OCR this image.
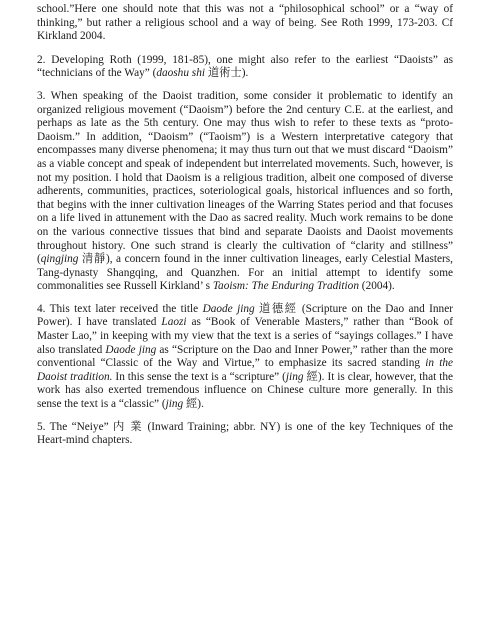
school.”Here one should note that this was not a “philosophical school” or a “way of thinking,” but rather a religious school and a way of being. See Roth 1999, 173-203. Cf Kirkland 2004.

2. Developing Roth (1999, 181-85), one might also refer to the earliest “Daoists” as “technicians of the Way” (daoshu shi 道術士).

3. When speaking of the Daoist tradition, some consider it problematic to identify an organized religious movement (“Daoism”) before the 2nd century C.E. at the earliest, and perhaps as late as the 5th century. One may thus wish to refer to these texts as “proto-Daoism.” In addition, “Daoism” (“Taoism”) is a Western interpretative category that encompasses many diverse phenomena; it may thus turn out that we must discard “Daoism” as a viable concept and speak of independent but interrelated movements. Such, however, is not my position. I hold that Daoism is a religious tradition, albeit one composed of diverse adherents, communities, practices, soteriological goals, historical influences and so forth, that begins with the inner cultivation lineages of the Warring States period and that focuses on a life lived in attunement with the Dao as sacred reality. Much work remains to be done on the various connective tissues that bind and separate Daoists and Daoist movements throughout history. One such strand is clearly the cultivation of “clarity and stillness” (qingjing 清靜), a concern found in the inner cultivation lineages, early Celestial Masters, Tang-dynasty Shangqing, and Quanzhen. For an initial attempt to identify some commonalities see Russell Kirkland’ s Taoism: The Enduring Tradition (2004).

4. This text later received the title Daode jing 道德經 (Scripture on the Dao and Inner Power). I have translated Laozi as “Book of Venerable Masters,” rather than “Book of Master Lao,” in keeping with my view that the text is a series of “sayings collages.” I have also translated Daode jing as “Scripture on the Dao and Inner Power,” rather than the more conventional “Classic of the Way and Virtue,” to emphasize its sacred standing in the Daoist tradition. In this sense the text is a “scripture” (jing 經). It is clear, however, that the work has also exerted tremendous influence on Chinese culture more generally. In this sense the text is a “classic” (jing 經).

5. The “Neiye” 内 業 (Inward Training; abbr. NY) is one of the key Techniques of the Heart-mind chapters.
